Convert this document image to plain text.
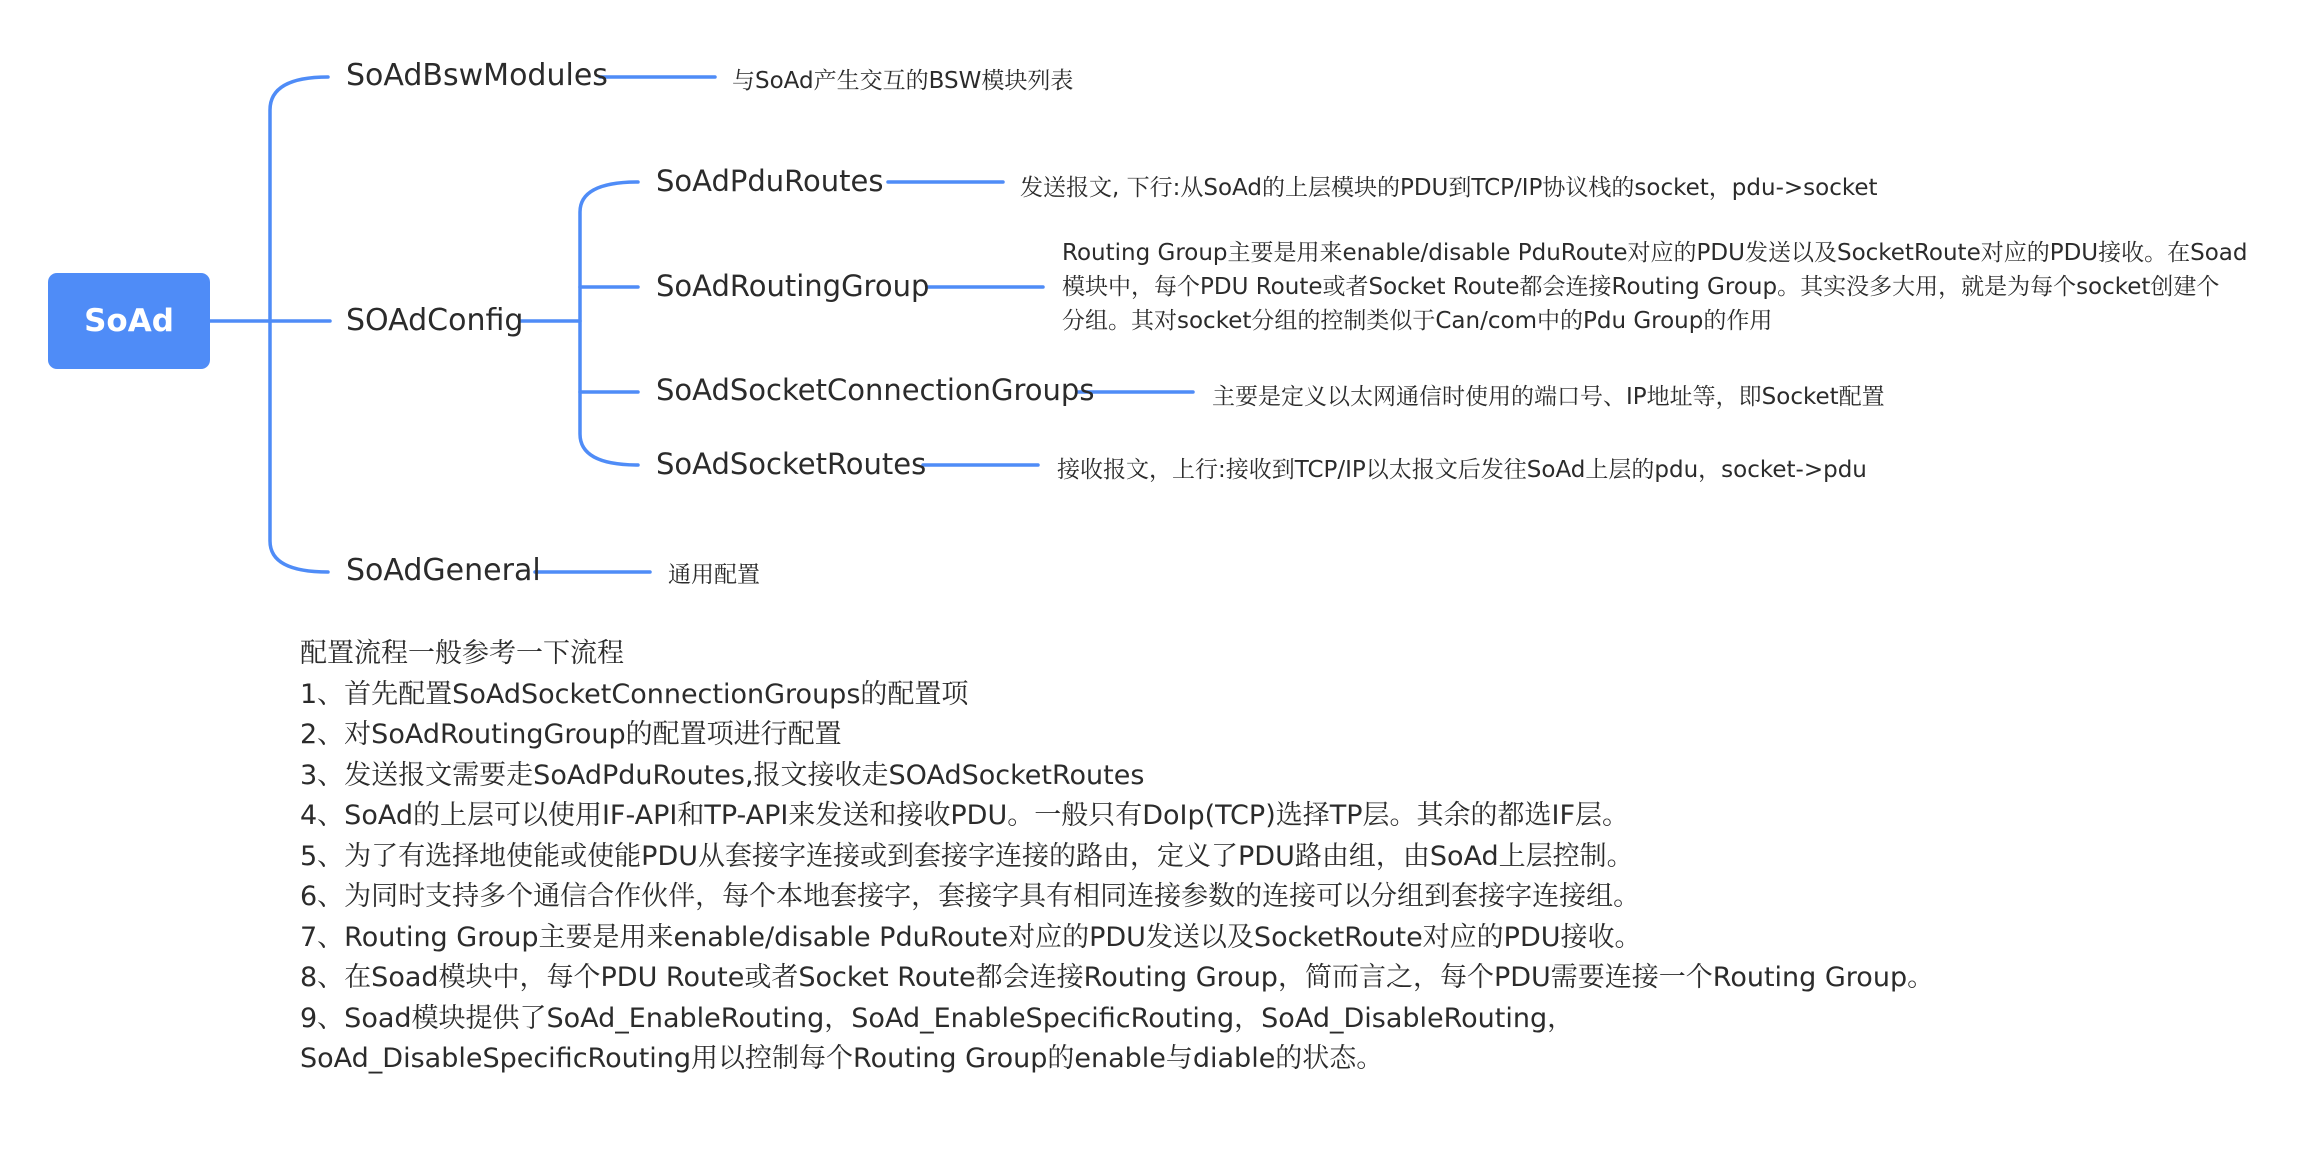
SoAd
SoAdBswModules	与SoAd产生交互的BSW模块列表
SOAdConfig
SoAdGeneral	通用配置
SoAdPduRoutes	发送报文, 下行:从SoAd的上层模块的PDU到TCP/IP协议栈的socket，pdu->socket
SoAdRoutingGroup
Routing Group主要是用来enable/disable PduRoute对应的PDU发送以及SocketRoute对应的PDU接收。在Soad
模块中，每个PDU Route或者Socket Route都会连接Routing Group。其实没多大用，就是为每个socket创建个
分组。其对socket分组的控制类似于Can/com中的Pdu Group的作用
SoAdSocketConnectionGroups	主要是定义以太网通信时使用的端口号、IP地址等，即Socket配置
SoAdSocketRoutes	接收报文，上行:接收到TCP/IP以太报文后发往SoAd上层的pdu，socket->pdu
配置流程一般参考一下流程
1、首先配置SoAdSocketConnectionGroups的配置项
2、对SoAdRoutingGroup的配置项进行配置
3、发送报文需要走SoAdPduRoutes,报文接收走SOAdSocketRoutes
4、SoAd的上层可以使用IF-API和TP-API来发送和接收PDU。一般只有DoIp(TCP)选择TP层。其余的都选IF层。
5、为了有选择地使能或使能PDU从套接字连接或到套接字连接的路由，定义了PDU路由组，由SoAd上层控制。
6、为同时支持多个通信合作伙伴，每个本地套接字，套接字具有相同连接参数的连接可以分组到套接字连接组。
7、Routing Group主要是用来enable/disable PduRoute对应的PDU发送以及SocketRoute对应的PDU接收。
8、在Soad模块中，每个PDU Route或者Socket Route都会连接Routing Group，简而言之，每个PDU需要连接一个Routing Group。
9、Soad模块提供了SoAd_EnableRouting，SoAd_EnableSpecificRouting，SoAd_DisableRouting，
SoAd_DisableSpecificRouting用以控制每个Routing Group的enable与diable的状态。
